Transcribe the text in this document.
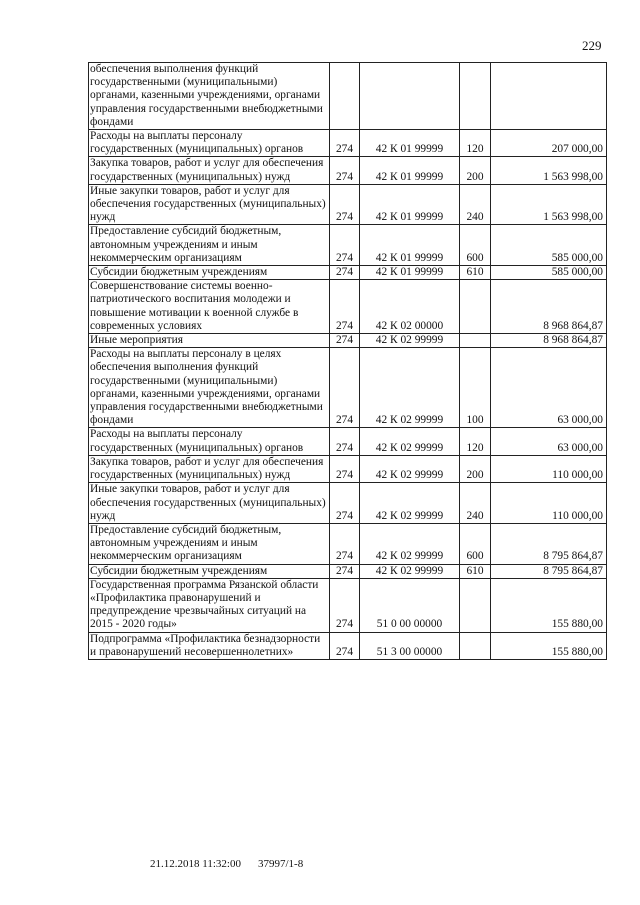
229
обеспечения выполнения функций государственными (муниципальными) органами, казенными учреждениями, органами управления государственными внебюджетными фондами				
Расходы на выплаты персоналу государственных (муниципальных) органов	274	42 К 01 99999	120	207 000,00
Закупка товаров, работ и услуг для обеспечения государственных (муниципальных) нужд	274	42 К 01 99999	200	1 563 998,00
Иные закупки товаров, работ и услуг для обеспечения государственных (муниципальных) нужд	274	42 К 01 99999	240	1 563 998,00
Предоставление субсидий бюджетным, автономным учреждениям и иным некоммерческим организациям	274	42 К 01 99999	600	585 000,00
Субсидии бюджетным учреждениям	274	42 К 01 99999	610	585 000,00
Совершенствование системы военно-патриотического воспитания молодежи и повышение мотивации к военной службе в современных условиях	274	42 К 02 00000		8 968 864,87
Иные мероприятия	274	42 К 02 99999		8 968 864,87
Расходы на выплаты персоналу в целях обеспечения выполнения функций государственными (муниципальными) органами, казенными учреждениями, органами управления государственными внебюджетными фондами	274	42 К 02 99999	100	63 000,00
Расходы на выплаты персоналу государственных (муниципальных) органов	274	42 К 02 99999	120	63 000,00
Закупка товаров, работ и услуг для обеспечения государственных (муниципальных) нужд	274	42 К 02 99999	200	110 000,00
Иные закупки товаров, работ и услуг для обеспечения государственных (муниципальных) нужд	274	42 К 02 99999	240	110 000,00
Предоставление субсидий бюджетным, автономным учреждениям и иным некоммерческим организациям	274	42 К 02 99999	600	8 795 864,87
Субсидии бюджетным учреждениям	274	42 К 02 99999	610	8 795 864,87
Государственная программа Рязанской области «Профилактика правонарушений и предупреждение чрезвычайных ситуаций на 2015 - 2020 годы»	274	51 0 00 00000		155 880,00
Подпрограмма «Профилактика безнадзорности и правонарушений несовершеннолетних»	274	51 3 00 00000		155 880,00
21.12.2018 11:32:00 37997/1-8
